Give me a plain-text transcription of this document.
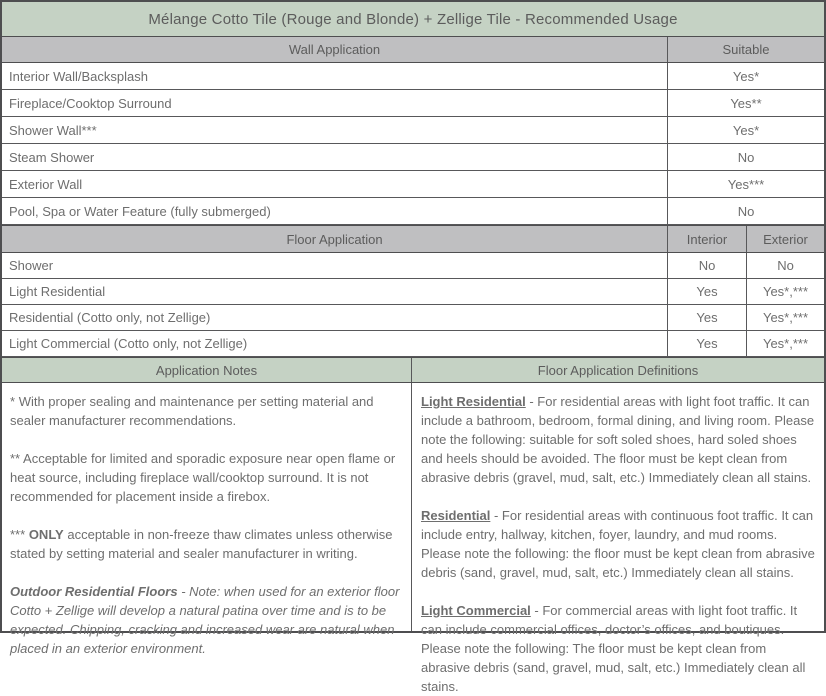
Mélange Cotto Tile (Rouge and Blonde) + Zellige Tile - Recommended Usage
Wall Application	Suitable
Interior Wall/Backsplash	Yes*
Fireplace/Cooktop Surround	Yes**
Shower Wall***	Yes*
Steam Shower	No
Exterior Wall	Yes***
Pool, Spa or Water Feature (fully submerged)	No
Floor Application	Interior	Exterior
Shower	No	No
Light Residential	Yes	Yes*,***
Residential (Cotto only, not Zellige)	Yes	Yes*,***
Light Commercial (Cotto only, not Zellige)	Yes	Yes*,***
Application Notes	Floor Application Definitions

* With proper sealing and maintenance per setting material and sealer manufacturer recommendations.

** Acceptable for limited and sporadic exposure near open flame or heat source, including fireplace wall/cooktop surround. It is not recommended for placement inside a firebox.

*** ONLY acceptable in non-freeze thaw climates unless otherwise stated by setting material and sealer manufacturer in writing.

Outdoor Residential Floors - Note: when used for an exterior floor Cotto + Zellige will develop a natural patina over time and is to be expected. Chipping, cracking and increased wear are natural when placed in an exterior environment.

Light Residential - For residential areas with light foot traffic. It can include a bathroom, bedroom, formal dining, and living room. Please note the following: suitable for soft soled shoes, hard soled shoes and heels should be avoided. The floor must be kept clean from abrasive debris (gravel, mud, salt, etc.) Immediately clean all stains.

Residential - For residential areas with continuous foot traffic. It can include entry, hallway, kitchen, foyer, laundry, and mud rooms. Please note the following: the floor must be kept clean from abrasive debris (sand, gravel, mud, salt, etc.) Immediately clean all stains.

Light Commercial - For commercial areas with light foot traffic. It can include commercial offices, doctor’s offices, and boutiques. Please note the following: The floor must be kept clean from abrasive debris (sand, gravel, mud, salt, etc.) Immediately clean all stains.
